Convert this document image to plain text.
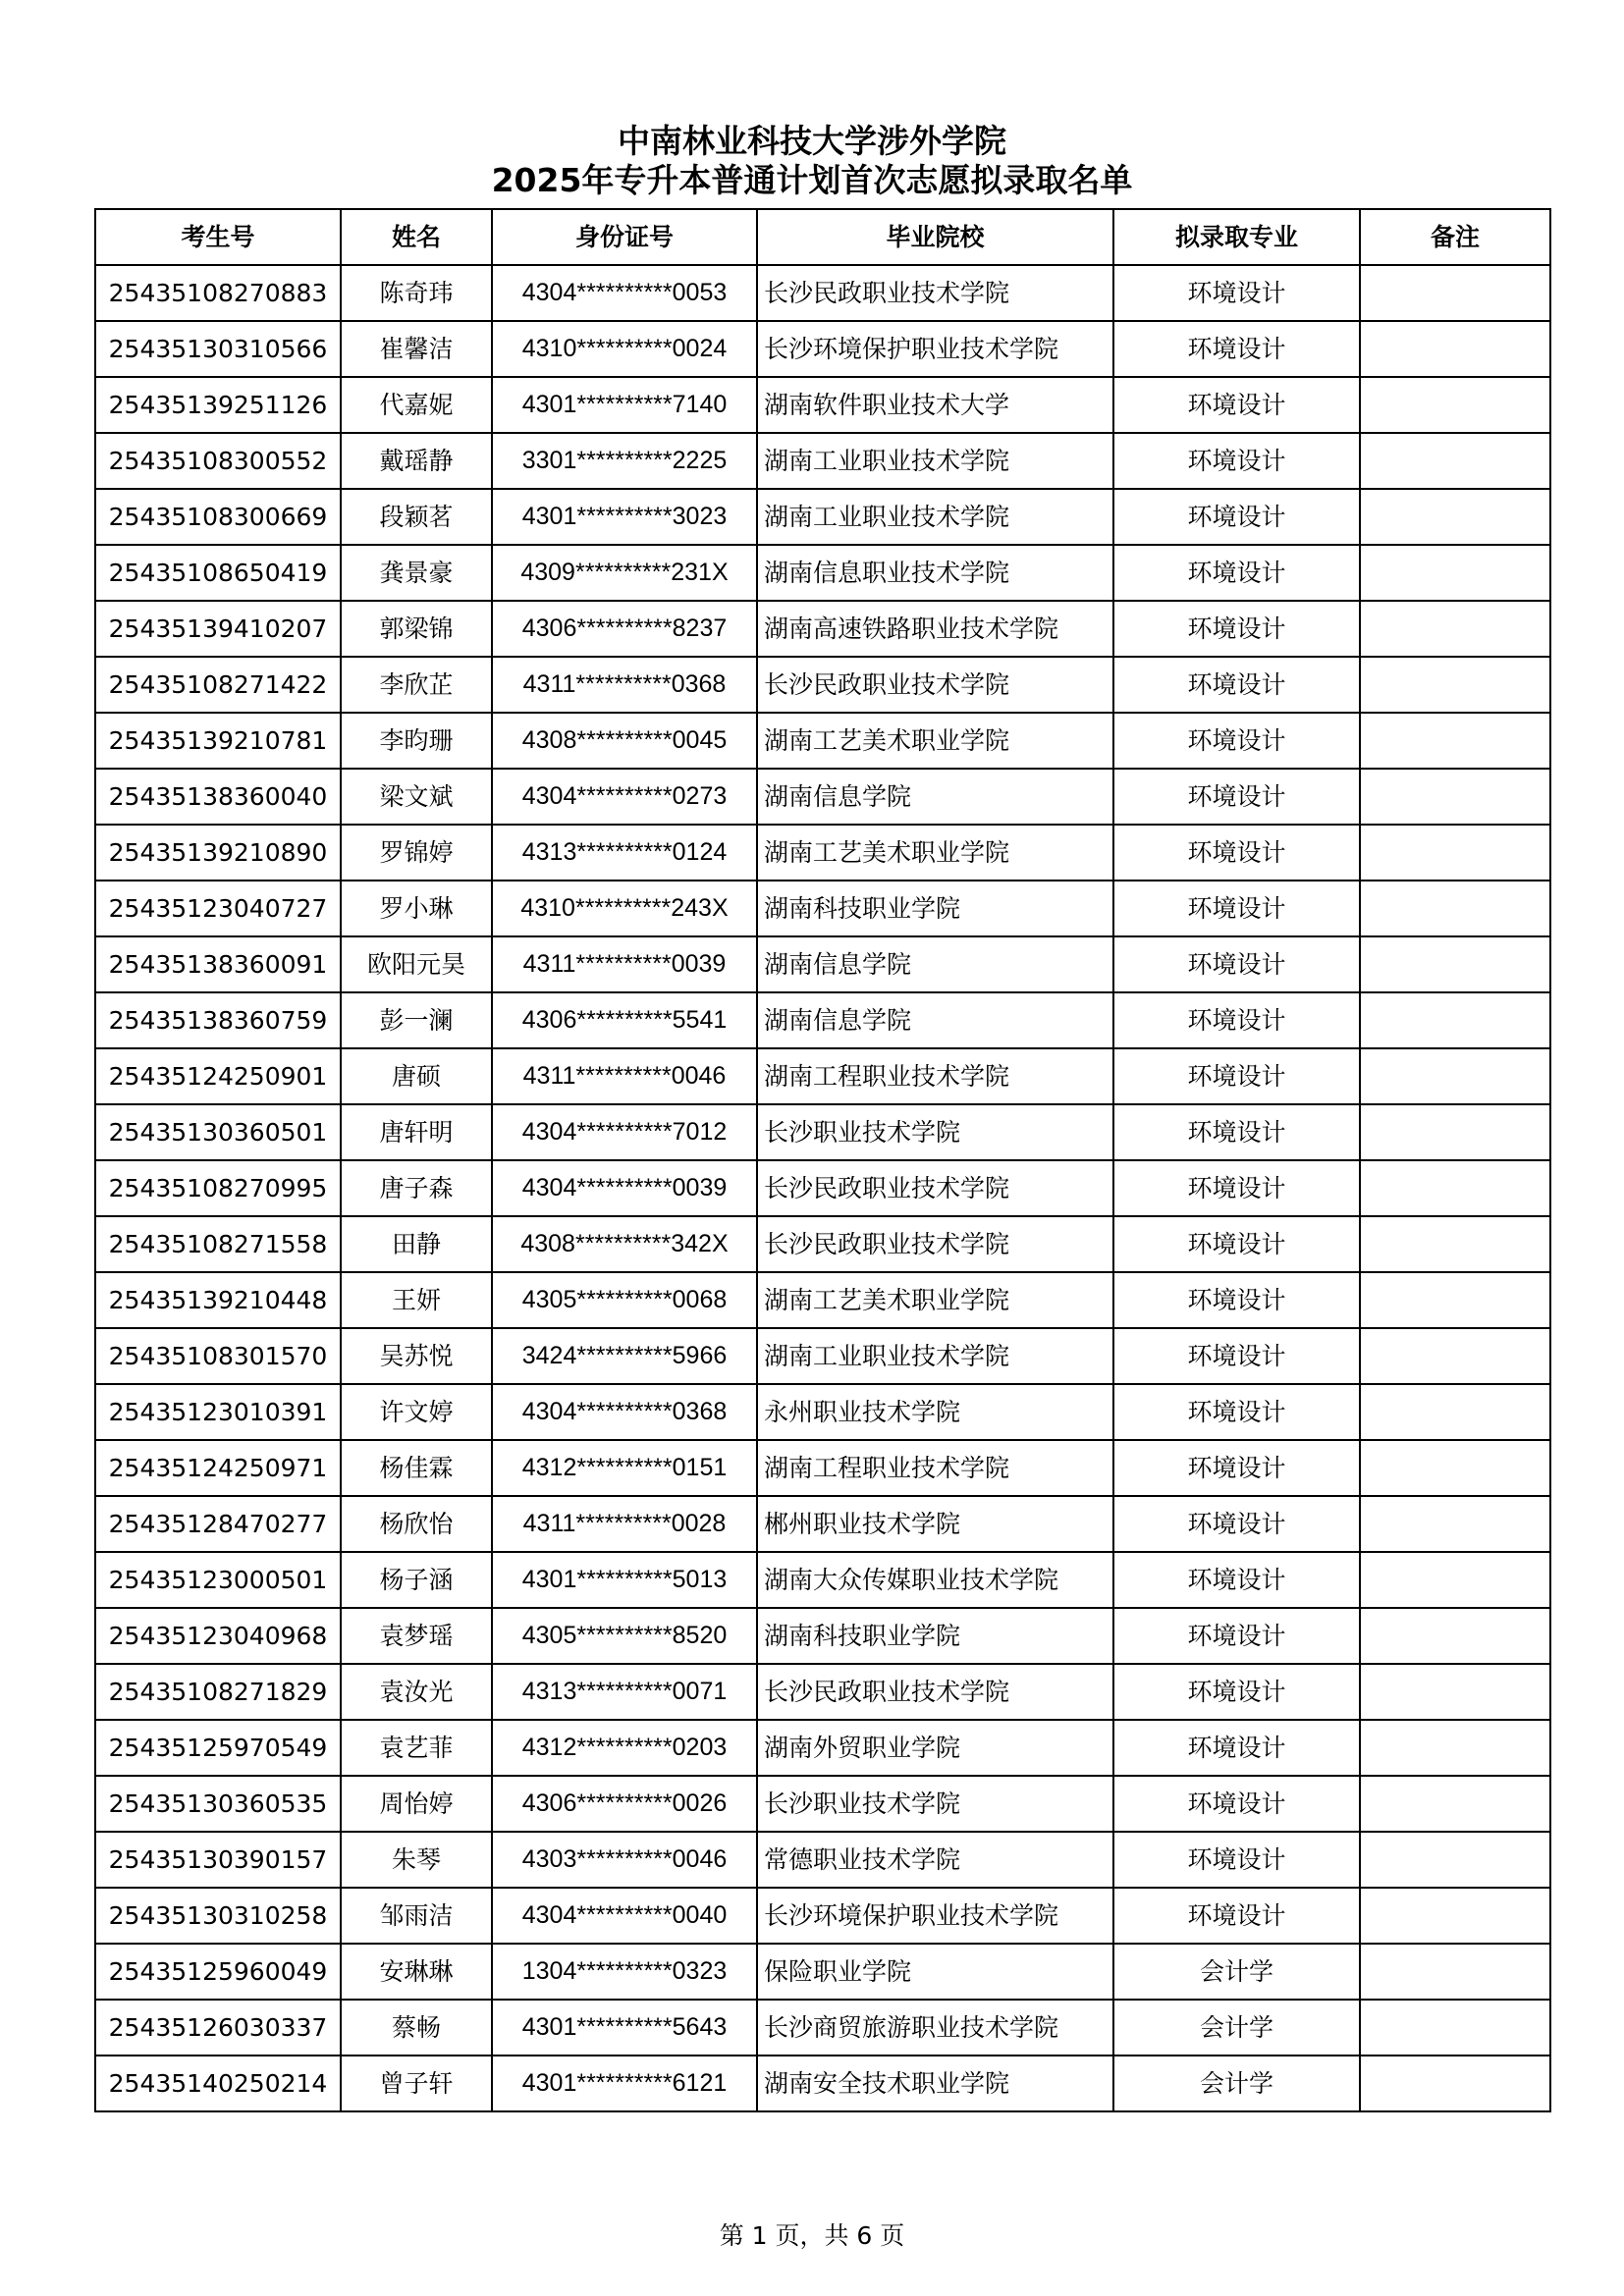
中南林业科技大学涉外学院
2025年专升本普通计划首次志愿拟录取名单
考生号	姓名	身份证号	毕业院校	拟录取专业	备注
25435108270883	陈奇玮	4304**********0053	长沙民政职业技术学院	环境设计	
25435130310566	崔馨洁	4310**********0024	长沙环境保护职业技术学院	环境设计	
25435139251126	代嘉妮	4301**********7140	湖南软件职业技术大学	环境设计	
25435108300552	戴瑶静	3301**********2225	湖南工业职业技术学院	环境设计	
25435108300669	段颖茗	4301**********3023	湖南工业职业技术学院	环境设计	
25435108650419	龚景豪	4309**********231X	湖南信息职业技术学院	环境设计	
25435139410207	郭梁锦	4306**********8237	湖南高速铁路职业技术学院	环境设计	
25435108271422	李欣芷	4311**********0368	长沙民政职业技术学院	环境设计	
25435139210781	李昀珊	4308**********0045	湖南工艺美术职业学院	环境设计	
25435138360040	梁文斌	4304**********0273	湖南信息学院	环境设计	
25435139210890	罗锦婷	4313**********0124	湖南工艺美术职业学院	环境设计	
25435123040727	罗小琳	4310**********243X	湖南科技职业学院	环境设计	
25435138360091	欧阳元昊	4311**********0039	湖南信息学院	环境设计	
25435138360759	彭一澜	4306**********5541	湖南信息学院	环境设计	
25435124250901	唐硕	4311**********0046	湖南工程职业技术学院	环境设计	
25435130360501	唐轩明	4304**********7012	长沙职业技术学院	环境设计	
25435108270995	唐子森	4304**********0039	长沙民政职业技术学院	环境设计	
25435108271558	田静	4308**********342X	长沙民政职业技术学院	环境设计	
25435139210448	王妍	4305**********0068	湖南工艺美术职业学院	环境设计	
25435108301570	吴苏悦	3424**********5966	湖南工业职业技术学院	环境设计	
25435123010391	许文婷	4304**********0368	永州职业技术学院	环境设计	
25435124250971	杨佳霖	4312**********0151	湖南工程职业技术学院	环境设计	
25435128470277	杨欣怡	4311**********0028	郴州职业技术学院	环境设计	
25435123000501	杨子涵	4301**********5013	湖南大众传媒职业技术学院	环境设计	
25435123040968	袁梦瑶	4305**********8520	湖南科技职业学院	环境设计	
25435108271829	袁汝光	4313**********0071	长沙民政职业技术学院	环境设计	
25435125970549	袁艺菲	4312**********0203	湖南外贸职业学院	环境设计	
25435130360535	周怡婷	4306**********0026	长沙职业技术学院	环境设计	
25435130390157	朱琴	4303**********0046	常德职业技术学院	环境设计	
25435130310258	邹雨洁	4304**********0040	长沙环境保护职业技术学院	环境设计	
25435125960049	安琳琳	1304**********0323	保险职业学院	会计学	
25435126030337	蔡畅	4301**********5643	长沙商贸旅游职业技术学院	会计学	
25435140250214	曾子轩	4301**********6121	湖南安全技术职业学院	会计学	
第 1 页，共 6 页
